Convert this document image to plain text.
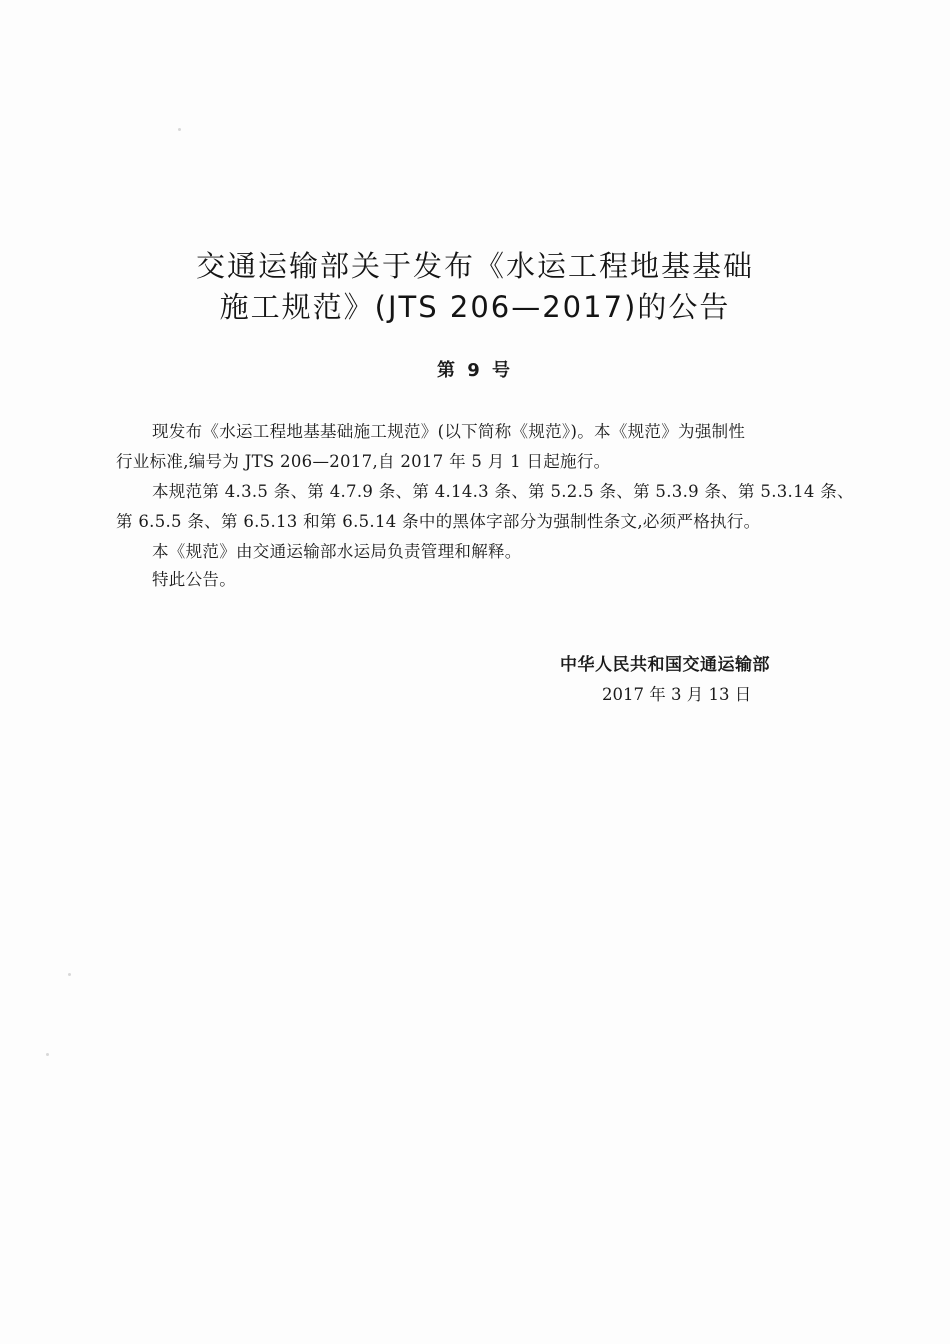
交通运输部关于发布《水运工程地基基础
施工规范》(JTS 206—2017)的公告
第 9 号
现发布《水运工程地基基础施工规范》(以下简称《规范》)。本《规范》为强制性
行业标准,编号为 JTS 206—2017,自 2017 年 5 月 1 日起施行。
本规范第 4.3.5 条、第 4.7.9 条、第 4.14.3 条、第 5.2.5 条、第 5.3.9 条、第 5.3.14 条、
第 6.5.5 条、第 6.5.13 和第 6.5.14 条中的黑体字部分为强制性条文,必须严格执行。
本《规范》由交通运输部水运局负责管理和解释。
特此公告。
中华人民共和国交通运输部
2017 年 3 月 13 日
